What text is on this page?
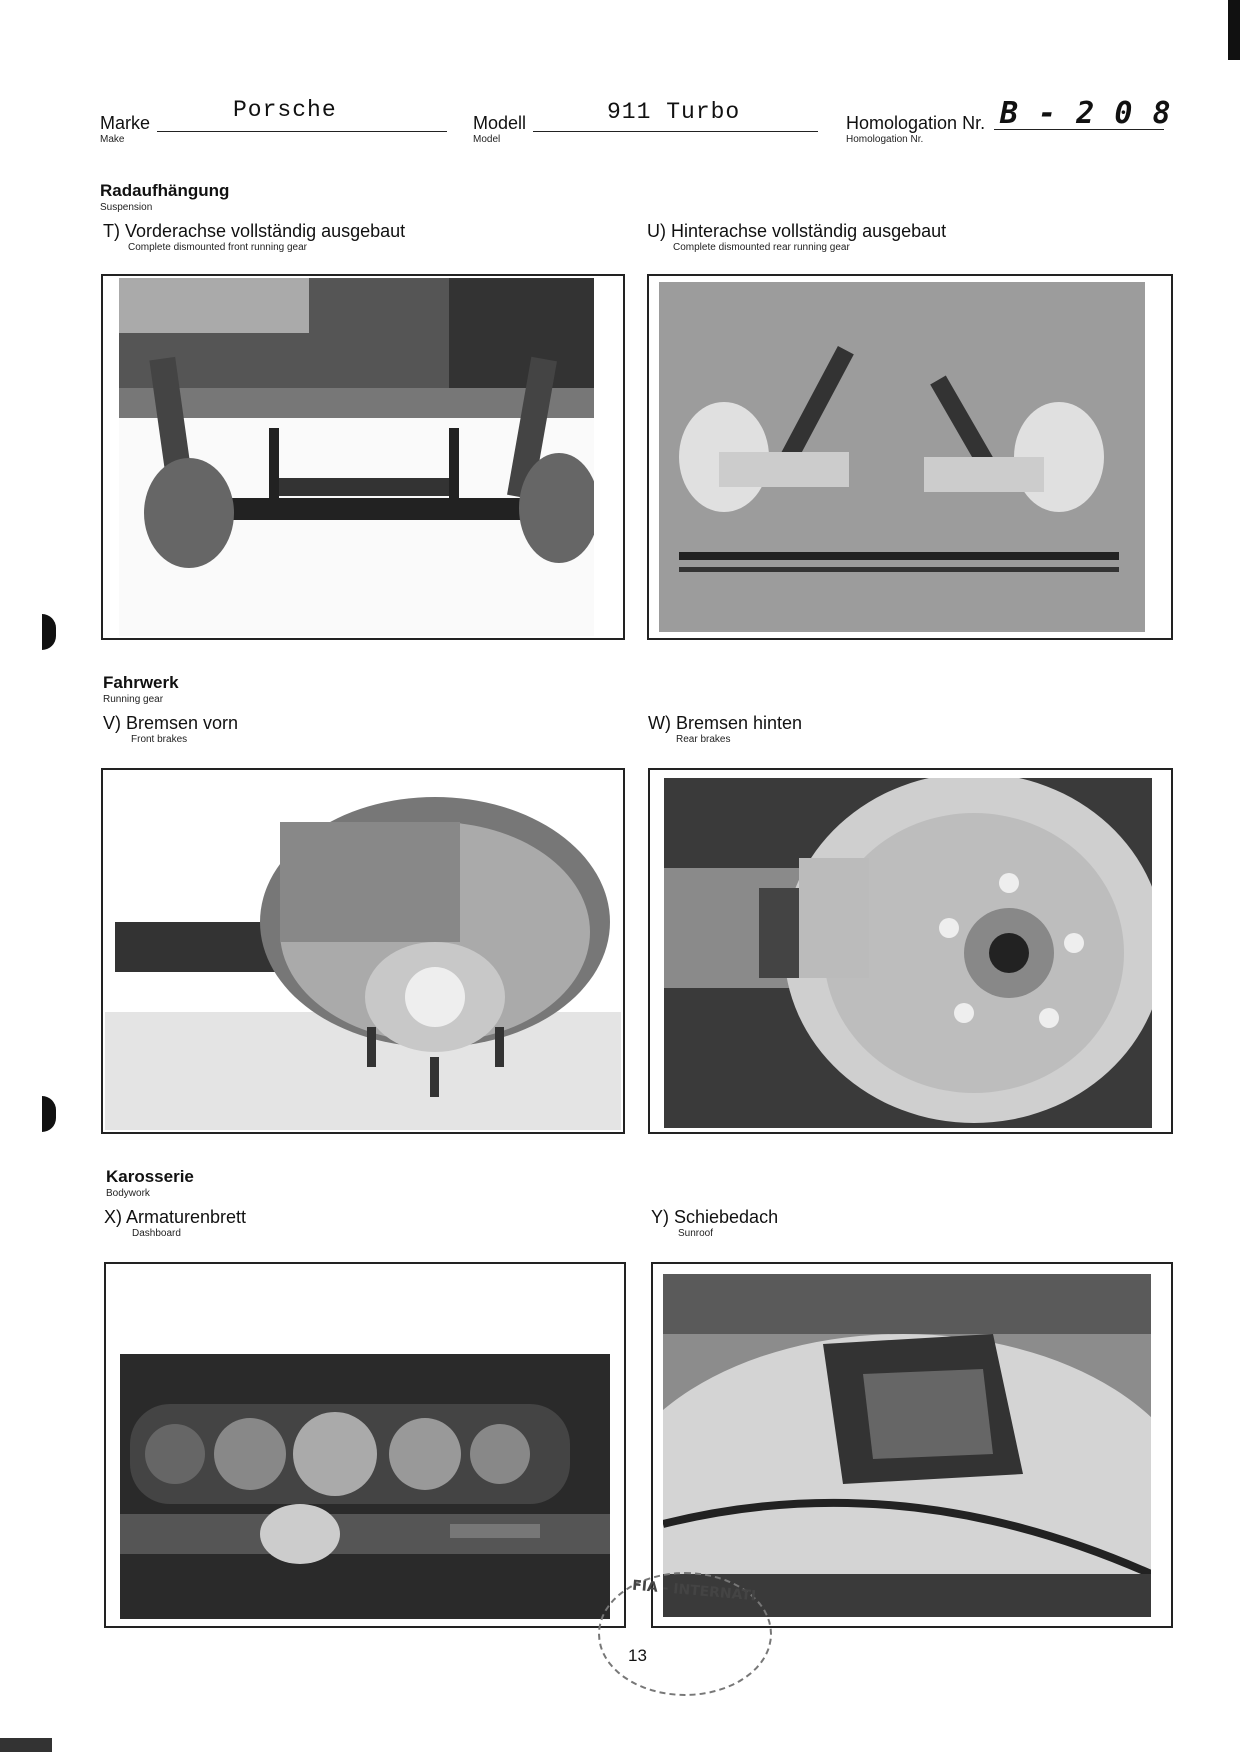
Marke
Make
Porsche	Modell
Model
911 Turbo	Homologation Nr.
Homologation Nr.
B - 2 0 8
Radaufhängung
Suspension
T) Vorderachse vollständig ausgebaut
Complete dismounted front running gear
U) Hinterachse vollständig ausgebaut
Complete dismounted rear running gear
Fahrwerk
Running gear
V) Bremsen vorn
Front brakes
W) Bremsen hinten
Rear brakes
Karosserie
Bodywork
X) Armaturenbrett
Dashboard
Y) Schiebedach
Sunroof
FIA - INTERNATI
13
